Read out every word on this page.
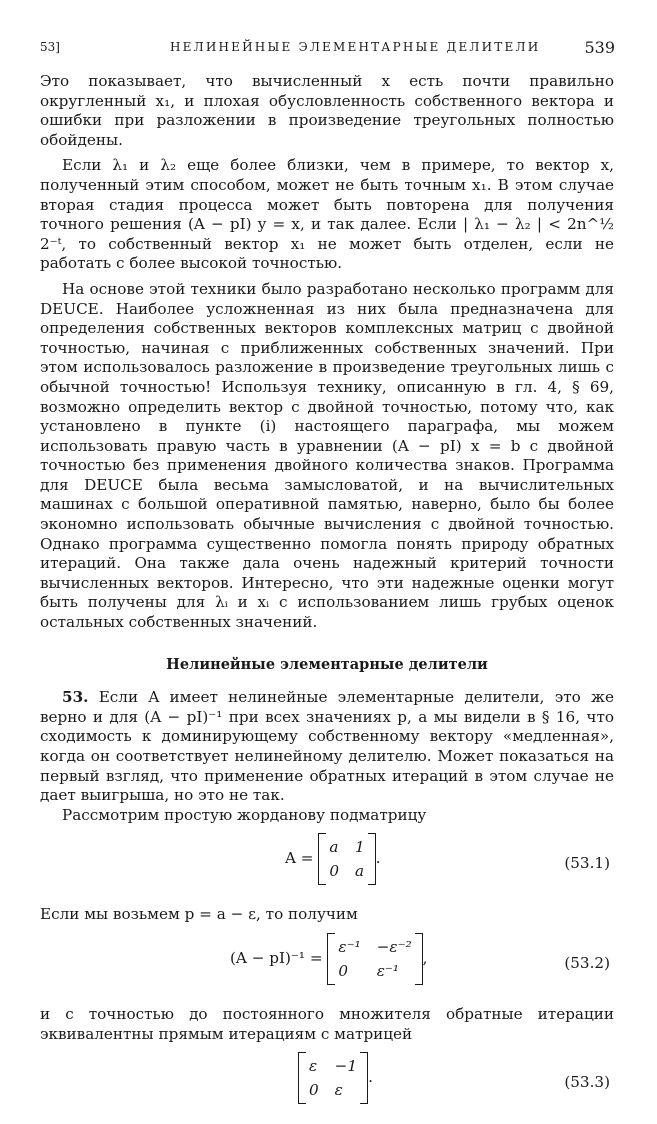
53]	НЕЛИНЕЙНЫЕ ЭЛЕМЕНТАРНЫЕ ДЕЛИТЕЛИ	539

Это показывает, что вычисленный x есть почти правильно округленный x₁, и плохая обусловленность собственного вектора и ошибки при разложении в произведение треугольных полностью обойдены.

Если λ₁ и λ₂ еще более близки, чем в примере, то вектор x, полученный этим способом, может не быть точным x₁. В этом случае вторая стадия процесса может быть повторена для получения точного решения (A − pI) y = x, и так далее. Если | λ₁ − λ₂ | < 2n^½ 2⁻ᵗ, то собственный вектор x₁ не может быть отделен, если не работать с более высокой точностью.

На основе этой техники было разработано несколько программ для DEUCE. Наиболее усложненная из них была предназначена для определения собственных векторов комплексных матриц с двойной точностью, начиная с приближенных собственных значений. При этом использовалось разложение в произведение треугольных лишь с обычной точностью! Используя технику, описанную в гл. 4, § 69, возможно определить вектор с двойной точностью, потому что, как установлено в пункте (i) настоящего параграфа, мы можем использовать правую часть в уравнении (A − pI) x = b с двойной точностью без применения двойного количества знаков. Программа для DEUCE была весьма замысловатой, и на вычислительных машинах с большой оперативной памятью, наверно, было бы более экономно использовать обычные вычисления с двойной точностью. Однако программа существенно помогла понять природу обратных итераций. Она также дала очень надежный критерий точности вычисленных векторов. Интересно, что эти надежные оценки могут быть получены для λᵢ и xᵢ с использованием лишь грубых оценок остальных собственных значений.

Нелинейные элементарные делители

53. Если A имеет нелинейные элементарные делители, это же верно и для (A − pI)⁻¹ при всех значениях p, а мы видели в § 16, что сходимость к доминирующему собственному вектору «медленная», когда он соответствует нелинейному делителю. Может показаться на первый взгляд, что применение обратных итераций в этом случае не дает выигрыша, но это не так.

Рассмотрим простую жорданову подматрицу

A =
a 1
0 a
.	(53.1)

Если мы возьмем p = a − ε, то получим

(A − pI)⁻¹ =
ε⁻¹ −ε⁻²
0	ε⁻¹
,	(53.2)

и с точностью до постоянного множителя обратные итерации эквивалентны прямым итерациям с матрицей

ε −1
0 ε
.	(53.3)
